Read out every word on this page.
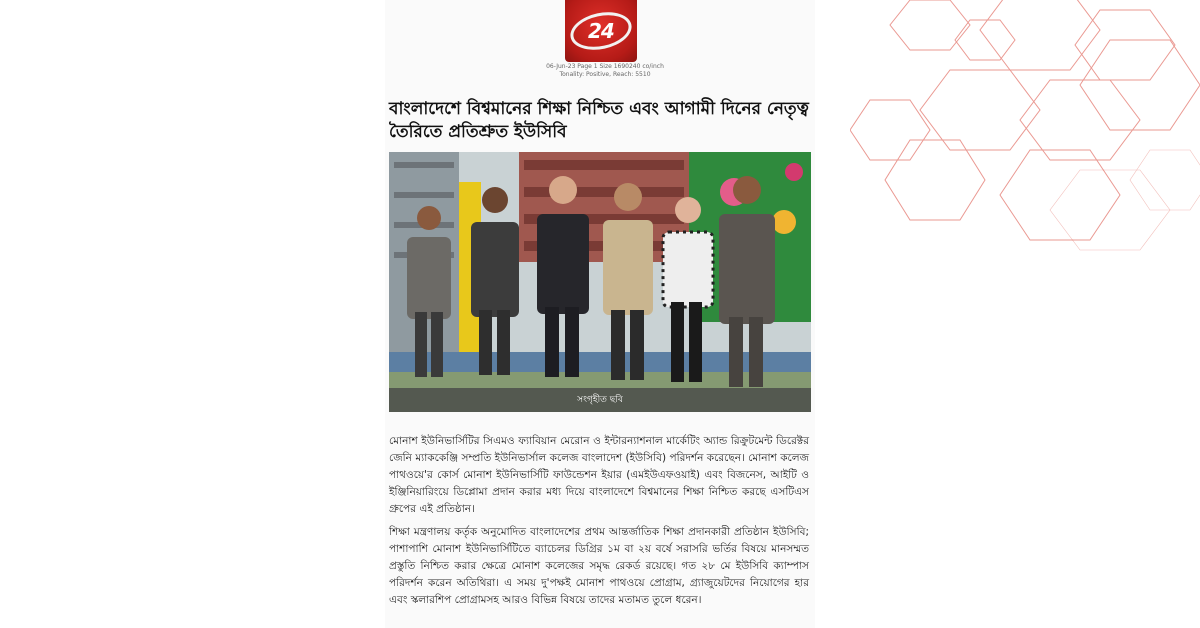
24
06-Jun-23 Page 1 Size 1690240 co/inch
Tonality: Positive, Reach: 5510
বাংলাদেশে বিশ্বমানের শিক্ষা নিশ্চিত এবং আগামী দিনের নেতৃত্ব
তৈরিতে প্রতিশ্রুত ইউসিবি
সংগৃহীত ছবি

মোনাশ ইউনিভার্সিটির সিএমও ফ্যাবিয়ান মেরোন ও ইন্টারন্যাশনাল মার্কেটিং অ্যান্ড রিক্রুটমেন্ট ডিরেক্টর জেনি ম্যাককেঞ্জি সম্প্রতি ইউনিভার্সাল কলেজ বাংলাদেশ (ইউসিবি) পরিদর্শন করেছেন। মোনাশ কলেজ পাথওয়ে'র কোর্স মোনাশ ইউনিভার্সিটি ফাউন্ডেশন ইয়ার (এমইউএফওয়াই) এবং বিজনেস, আইটি ও ইঞ্জিনিয়ারিংয়ে ডিপ্লোমা প্রদান করার মধ্য দিয়ে বাংলাদেশে বিশ্বমানের শিক্ষা নিশ্চিত করছে এসটিএস গ্রুপের এই প্রতিষ্ঠান।

শিক্ষা মন্ত্রণালয় কর্তৃক অনুমোদিত বাংলাদেশের প্রথম আন্তর্জাতিক শিক্ষা প্রদানকারী প্রতিষ্ঠান ইউসিবি; পাশাপাশি মোনাশ ইউনিভার্সিটিতে ব্যাচেলর ডিগ্রির ১ম বা ২য় বর্ষে সরাসরি ভর্তির বিষয়ে মানসম্মত প্রস্তুতি নিশ্চিত করার ক্ষেত্রে মোনাশ কলেজের সমৃদ্ধ রেকর্ড রয়েছে। গত ২৮ মে ইউসিবি ক্যাম্পাস পরিদর্শন করেন অতিথিরা। এ সময় দু'পক্ষই মোনাশ পাথওয়ে প্রোগ্রাম, গ্র্যাজুয়েটদের নিয়োগের হার এবং স্কলারশিপ প্রোগ্রামসহ আরও বিভিন্ন বিষয়ে তাদের মতামত তুলে ধরেন।
